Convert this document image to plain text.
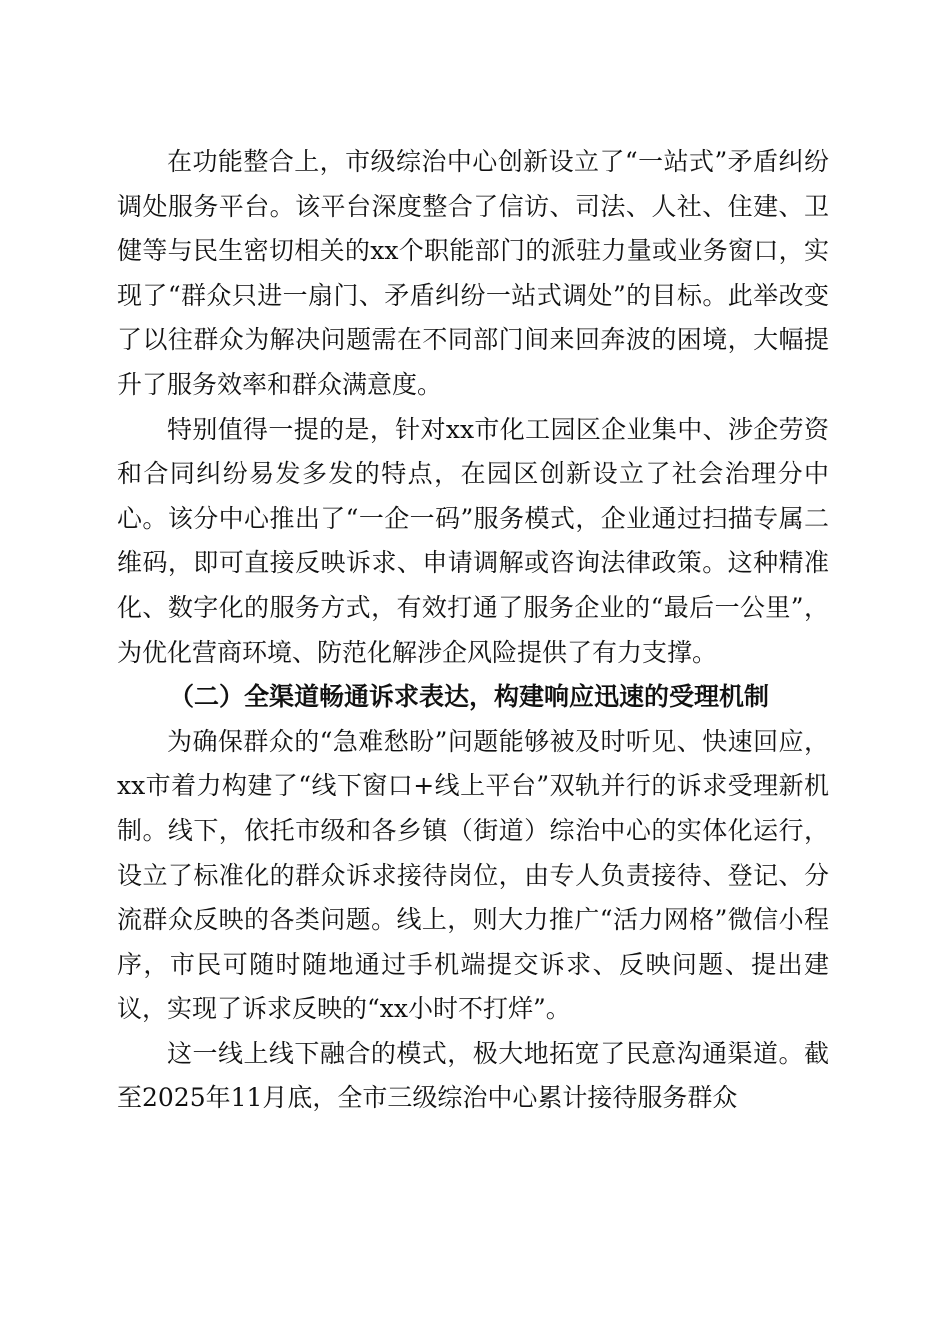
在功能整合上，市级综治中心创新设立了“一站式”矛盾纠纷调处服务平台。该平台深度整合了信访、司法、人社、住建、卫健等与民生密切相关的xx个职能部门的派驻力量或业务窗口，实现了“群众只进一扇门、矛盾纠纷一站式调处”的目标。此举改变了以往群众为解决问题需在不同部门间来回奔波的困境，大幅提升了服务效率和群众满意度。

特别值得一提的是，针对xx市化工园区企业集中、涉企劳资和合同纠纷易发多发的特点，在园区创新设立了社会治理分中心。该分中心推出了“一企一码”服务模式，企业通过扫描专属二维码，即可直接反映诉求、申请调解或咨询法律政策。这种精准化、数字化的服务方式，有效打通了服务企业的“最后一公里”，为优化营商环境、防范化解涉企风险提供了有力支撑。

（二）全渠道畅通诉求表达，构建响应迅速的受理机制

为确保群众的“急难愁盼”问题能够被及时听见、快速回应，xx市着力构建了“线下窗口+线上平台”双轨并行的诉求受理新机制。线下，依托市级和各乡镇（街道）综治中心的实体化运行，设立了标准化的群众诉求接待岗位，由专人负责接待、登记、分流群众反映的各类问题。线上，则大力推广“活力网格”微信小程序，市民可随时随地通过手机端提交诉求、反映问题、提出建议，实现了诉求反映的“xx小时不打烊”。

这一线上线下融合的模式，极大地拓宽了民意沟通渠道。截至2025年11月底，全市三级综治中心累计接待服务群众
